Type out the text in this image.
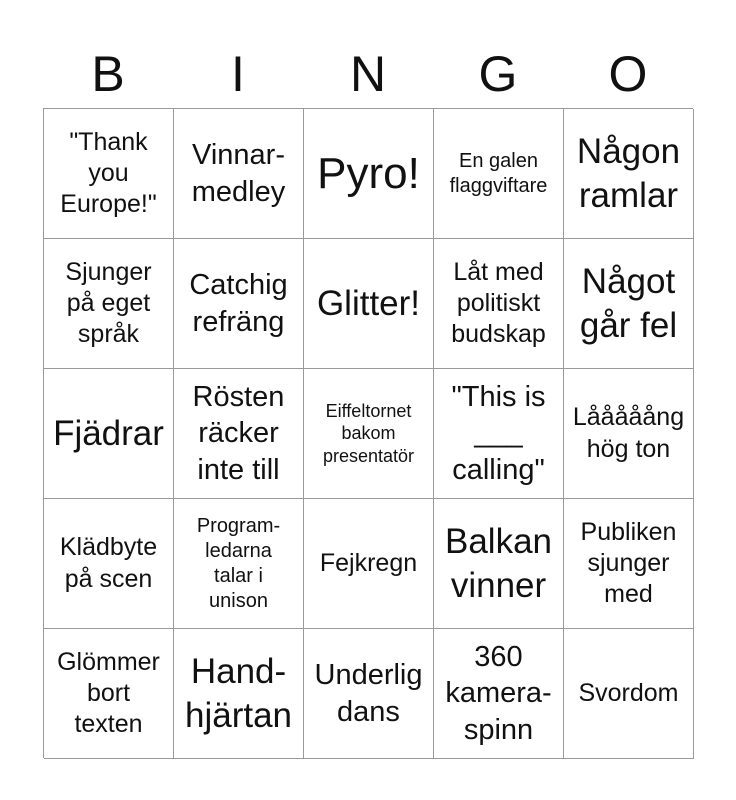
B	I	N	G	O
"Thank you Europe!"
Vinnar-medley Pyro!	En galen flaggviftare
Någon ramlar
Sjunger på eget språk
Catchig refräng Glitter!
Låt med politiskt budskap
Något går fel
Fjädrar
Rösten räcker inte till
Eiffeltornet bakom presentatör
"This is ___ calling"
Lååååång hög ton
Klädbyte på scen
Program-ledarna talar i unison
Fejkregn
Balkan vinner
Publiken sjunger med
Glömmer bort texten
Hand-hjärtan
Underlig dans
360 kamera-spinn
Svordom
